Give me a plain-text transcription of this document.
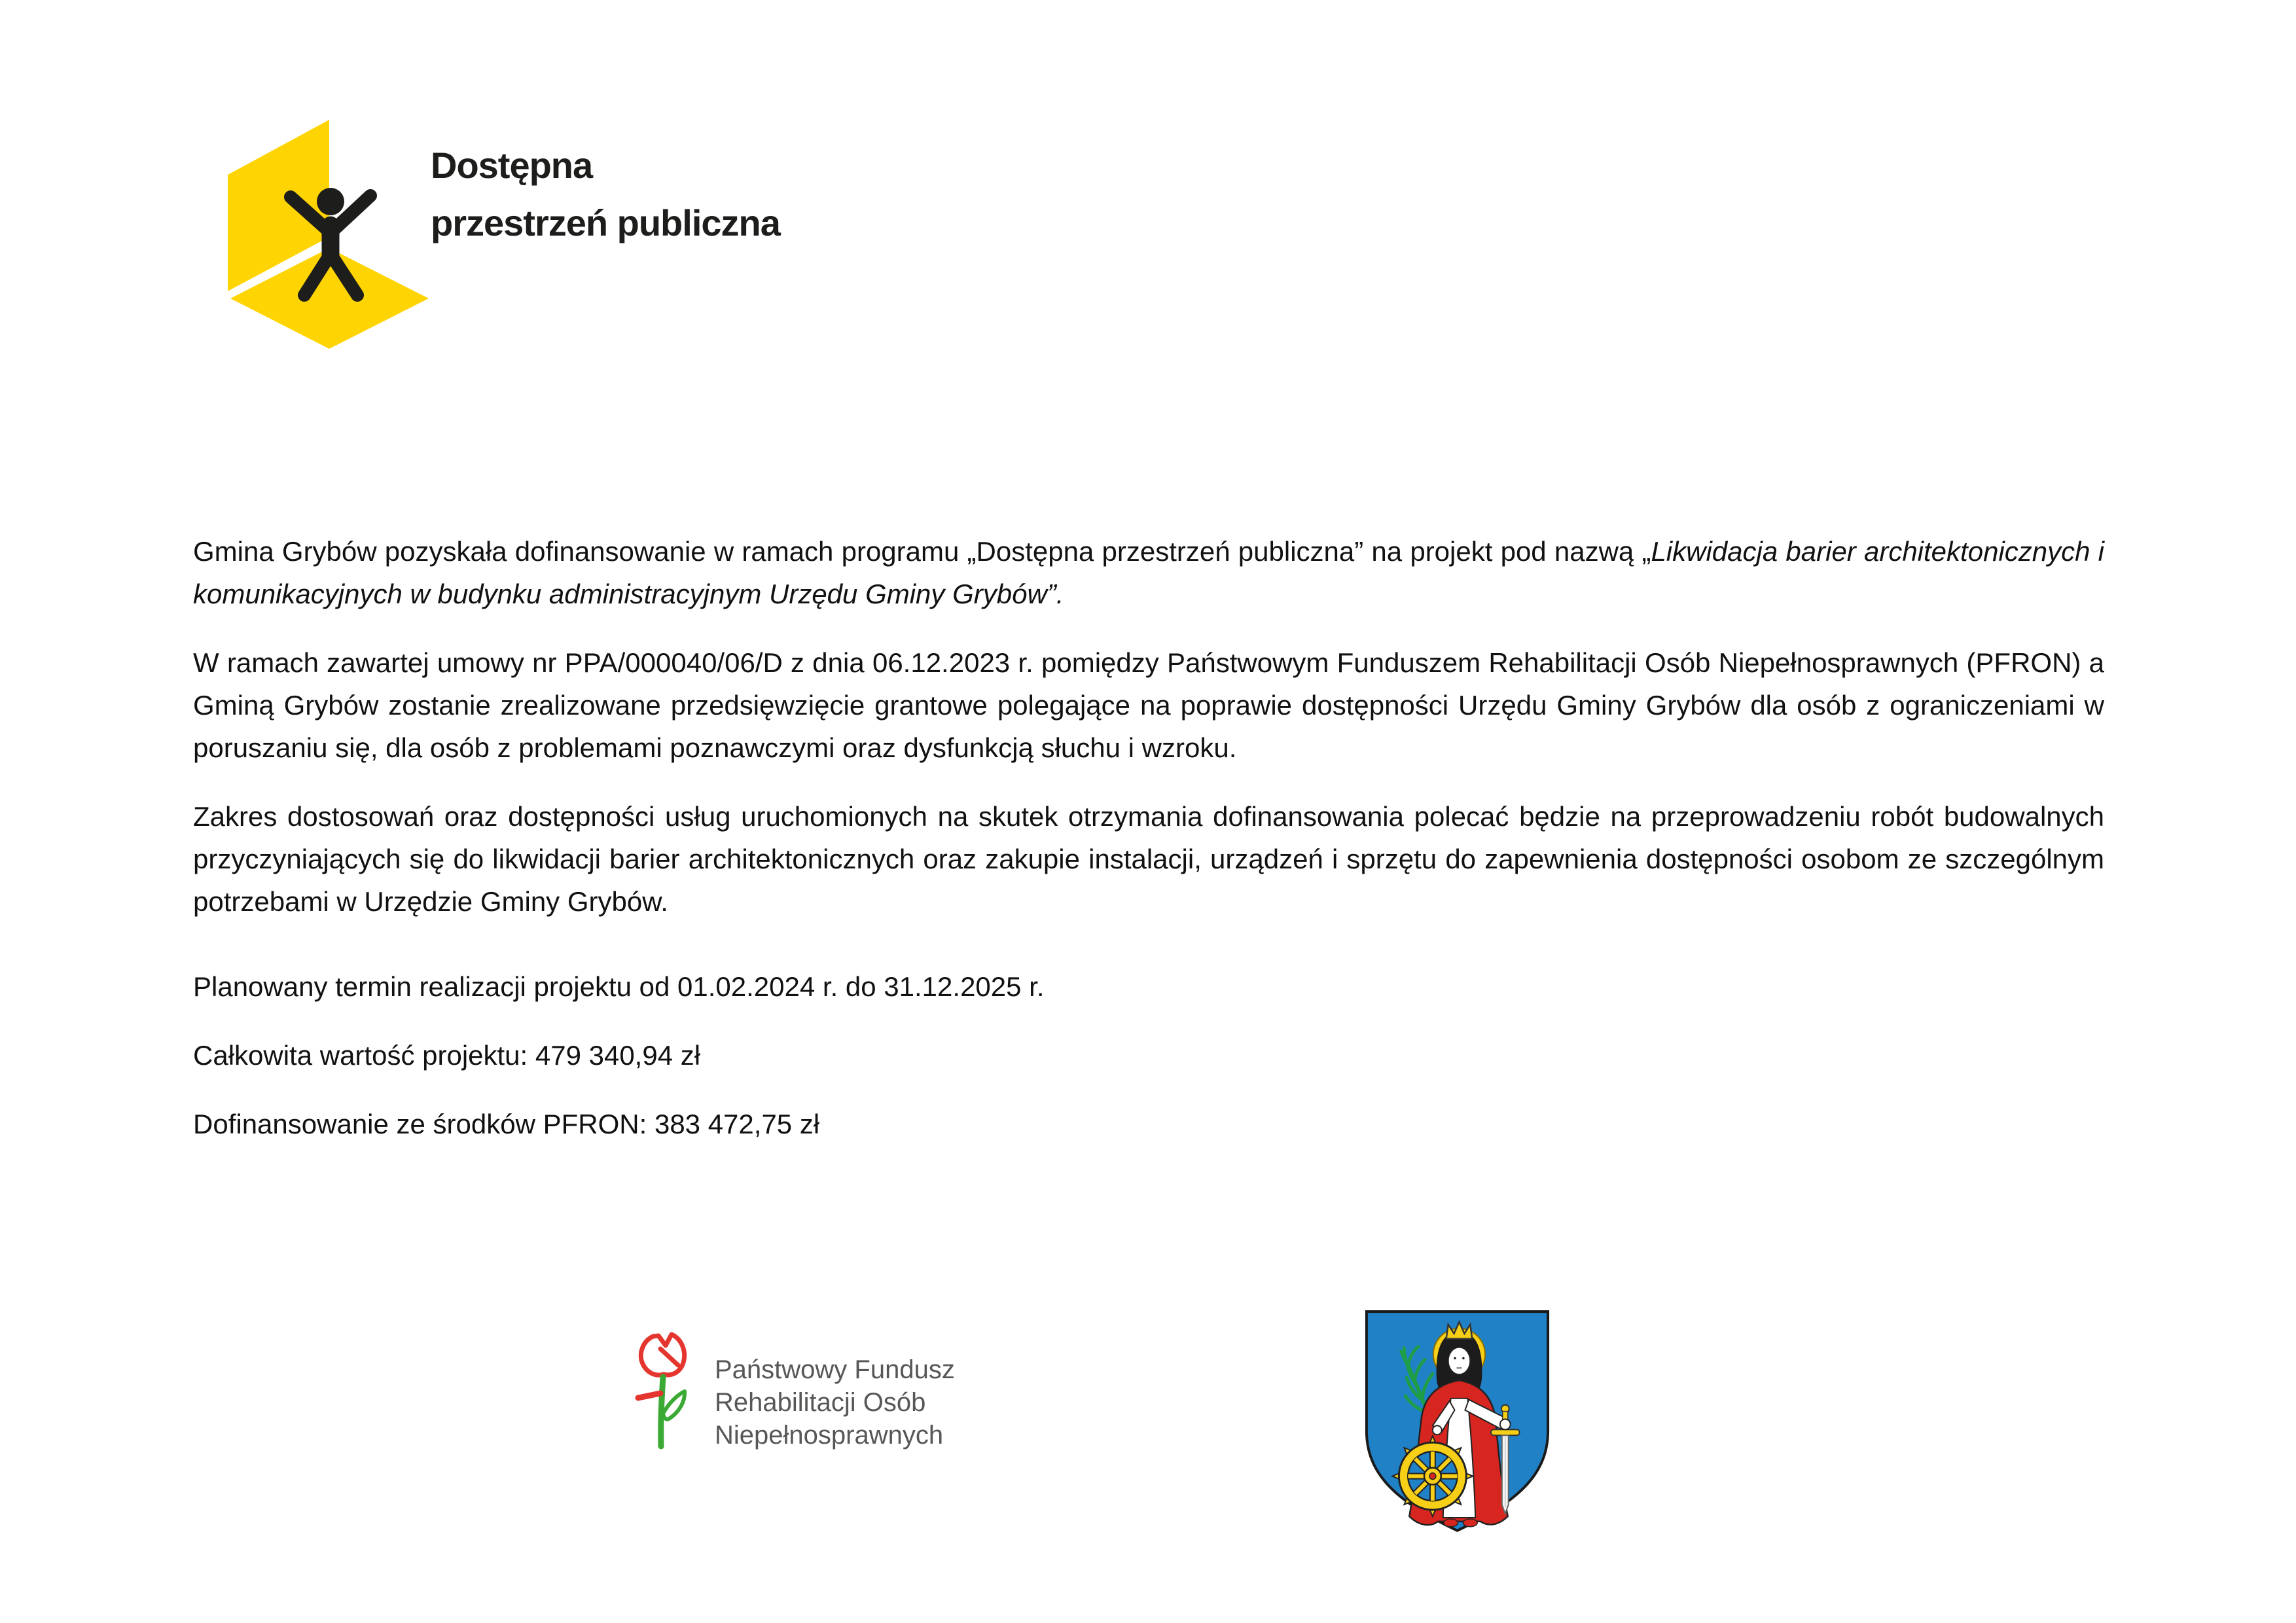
Dostępna
przestrzeń publiczna

Gmina Grybów pozyskała dofinansowanie w ramach programu „Dostępna przestrzeń publiczna” na projekt pod nazwą „Likwidacja barier architektonicznych i komunikacyjnych w budynku administracyjnym Urzędu Gminy Grybów”.

W ramach zawartej umowy nr PPA/000040/06/D z dnia 06.12.2023 r. pomiędzy Państwowym Funduszem Rehabilitacji Osób Niepełnosprawnych (PFRON) a Gminą Grybów zostanie zrealizowane przedsięwzięcie grantowe polegające na poprawie dostępności Urzędu Gminy Grybów dla osób z ograniczeniami w poruszaniu się, dla osób z problemami poznawczymi oraz dysfunkcją słuchu i wzroku.

Zakres dostosowań oraz dostępności usług uruchomionych na skutek otrzymania dofinansowania polecać będzie na przeprowadzeniu robót budowalnych przyczyniających się do likwidacji barier architektonicznych oraz zakupie instalacji, urządzeń i sprzętu do zapewnienia dostępności osobom ze szczególnym potrzebami w Urzędzie Gminy Grybów.

Planowany termin realizacji projektu od 01.02.2024 r. do 31.12.2025 r.

Całkowita wartość projektu: 479 340,94 zł

Dofinansowanie ze środków PFRON: 383 472,75 zł

Państwowy Fundusz
Rehabilitacji Osób
Niepełnosprawnych
